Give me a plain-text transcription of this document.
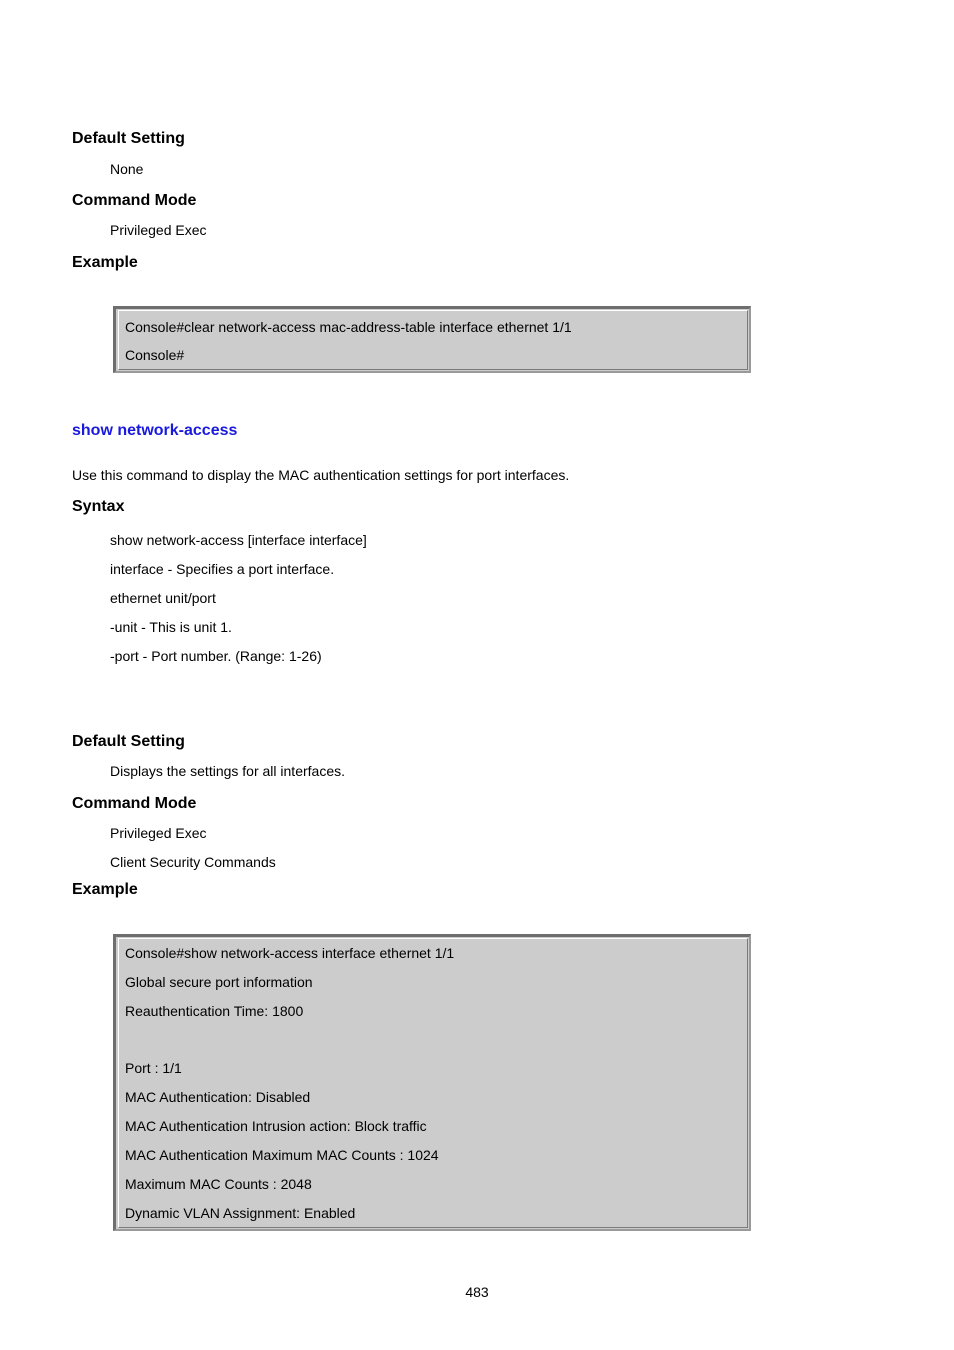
Default Setting
None
Command Mode
Privileged Exec
Example
Console#clear network-access mac-address-table interface ethernet 1/1
Console#
show network-access
Use this command to display the MAC authentication settings for port interfaces.
Syntax
show network-access [interface interface]
interface - Specifies a port interface.
ethernet unit/port
-unit - This is unit 1.
-port - Port number. (Range: 1-26)
Default Setting
Displays the settings for all interfaces.
Command Mode
Privileged Exec
Client Security Commands
Example
Console#show network-access interface ethernet 1/1
Global secure port information
Reauthentication Time: 1800
Port : 1/1
MAC Authentication: Disabled
MAC Authentication Intrusion action: Block traffic
MAC Authentication Maximum MAC Counts : 1024
Maximum MAC Counts : 2048
Dynamic VLAN Assignment: Enabled
483
